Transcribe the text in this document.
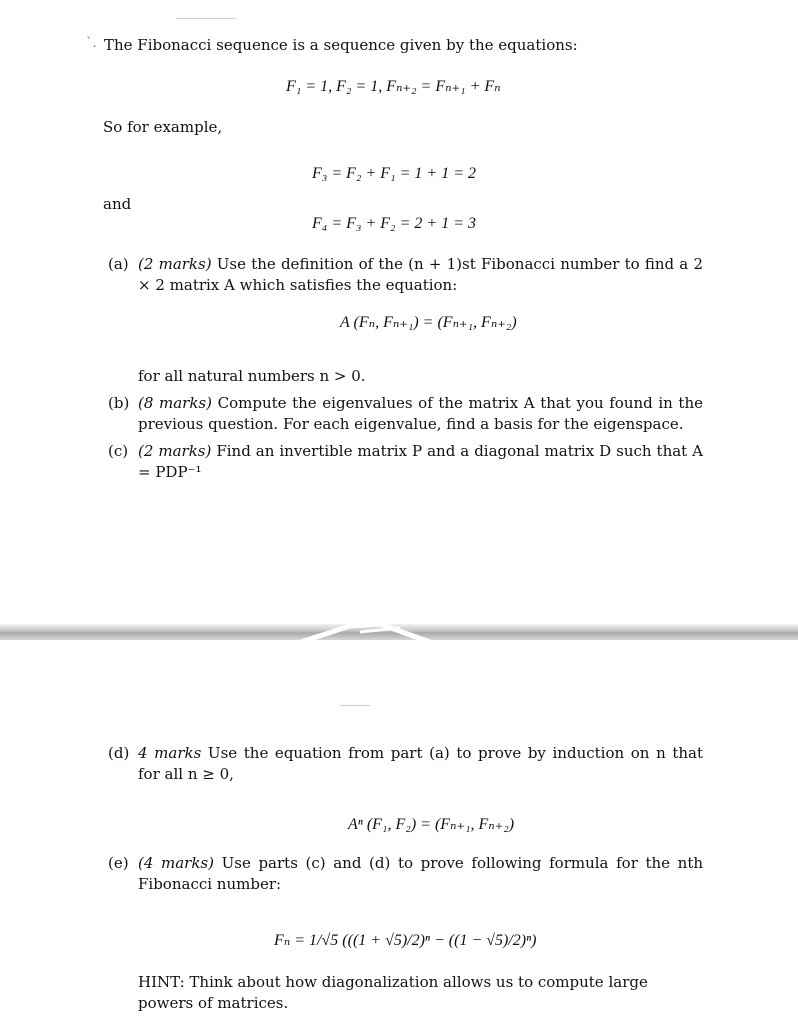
`. The Fibonacci sequence is a sequence given by the equations:
F₁ = 1, F₂ = 1, Fₙ₊₂ = Fₙ₊₁ + Fₙ
So for example,
F₃ = F₂ + F₁ = 1 + 1 = 2
and
F₄ = F₃ + F₂ = 2 + 1 = 3
(a) (2 marks) Use the definition of the (n + 1)st Fibonacci number to find a 2 × 2 matrix A which satisfies the equation:
A (Fₙ, Fₙ₊₁) = (Fₙ₊₁, Fₙ₊₂)
for all natural numbers n > 0.
(b) (8 marks) Compute the eigenvalues of the matrix A that you found in the previous question. For each eigenvalue, find a basis for the eigenspace.
(c) (2 marks) Find an invertible matrix P and a diagonal matrix D such that A = PDP⁻¹
(d) 4 marks Use the equation from part (a) to prove by induction on n that for all n ≥ 0,
Aⁿ (F₁, F₂) = (Fₙ₊₁, Fₙ₊₂)
(e) (4 marks) Use parts (c) and (d) to prove following formula for the nth Fibonacci number:
Fₙ = 1/√5 (((1 + √5)/2)ⁿ − ((1 − √5)/2)ⁿ)
HINT: Think about how diagonalization allows us to compute large powers of matrices.
